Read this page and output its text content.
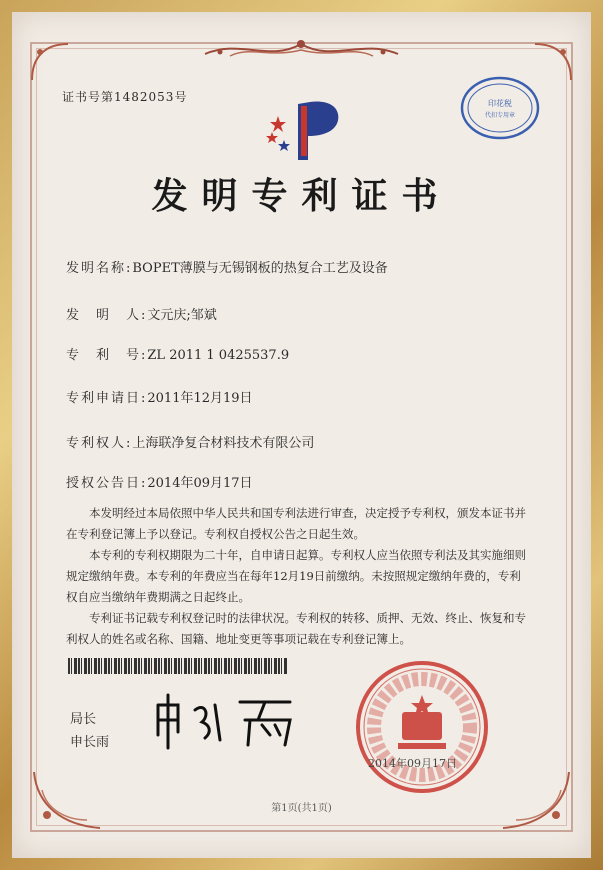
证书号第1482053号	印花税
代扣专用章
发明专利证书
发明名称:BOPET薄膜与无锡钢板的热复合工艺及设备
发　明　人:文元庆;邹斌
专　利　号:ZL 2011 1 0425537.9
专利申请日:2011年12月19日
专利权人:上海联净复合材料技术有限公司
授权公告日:2014年09月17日

本发明经过本局依照中华人民共和国专利法进行审查，决定授予专利权，颁发本证书并在专利登记簿上予以登记。专利权自授权公告之日起生效。

本专利的专利权期限为二十年，自申请日起算。专利权人应当依照专利法及其实施细则规定缴纳年费。本专利的年费应当在每年12月19日前缴纳。未按照规定缴纳年费的，专利权自应当缴纳年费期满之日起终止。

专利证书记载专利权登记时的法律状况。专利权的转移、质押、无效、终止、恢复和专利权人的姓名或名称、国籍、地址变更等事项记载在专利登记簿上。

局长
申长雨
2014年09月17日
第1页(共1页)
